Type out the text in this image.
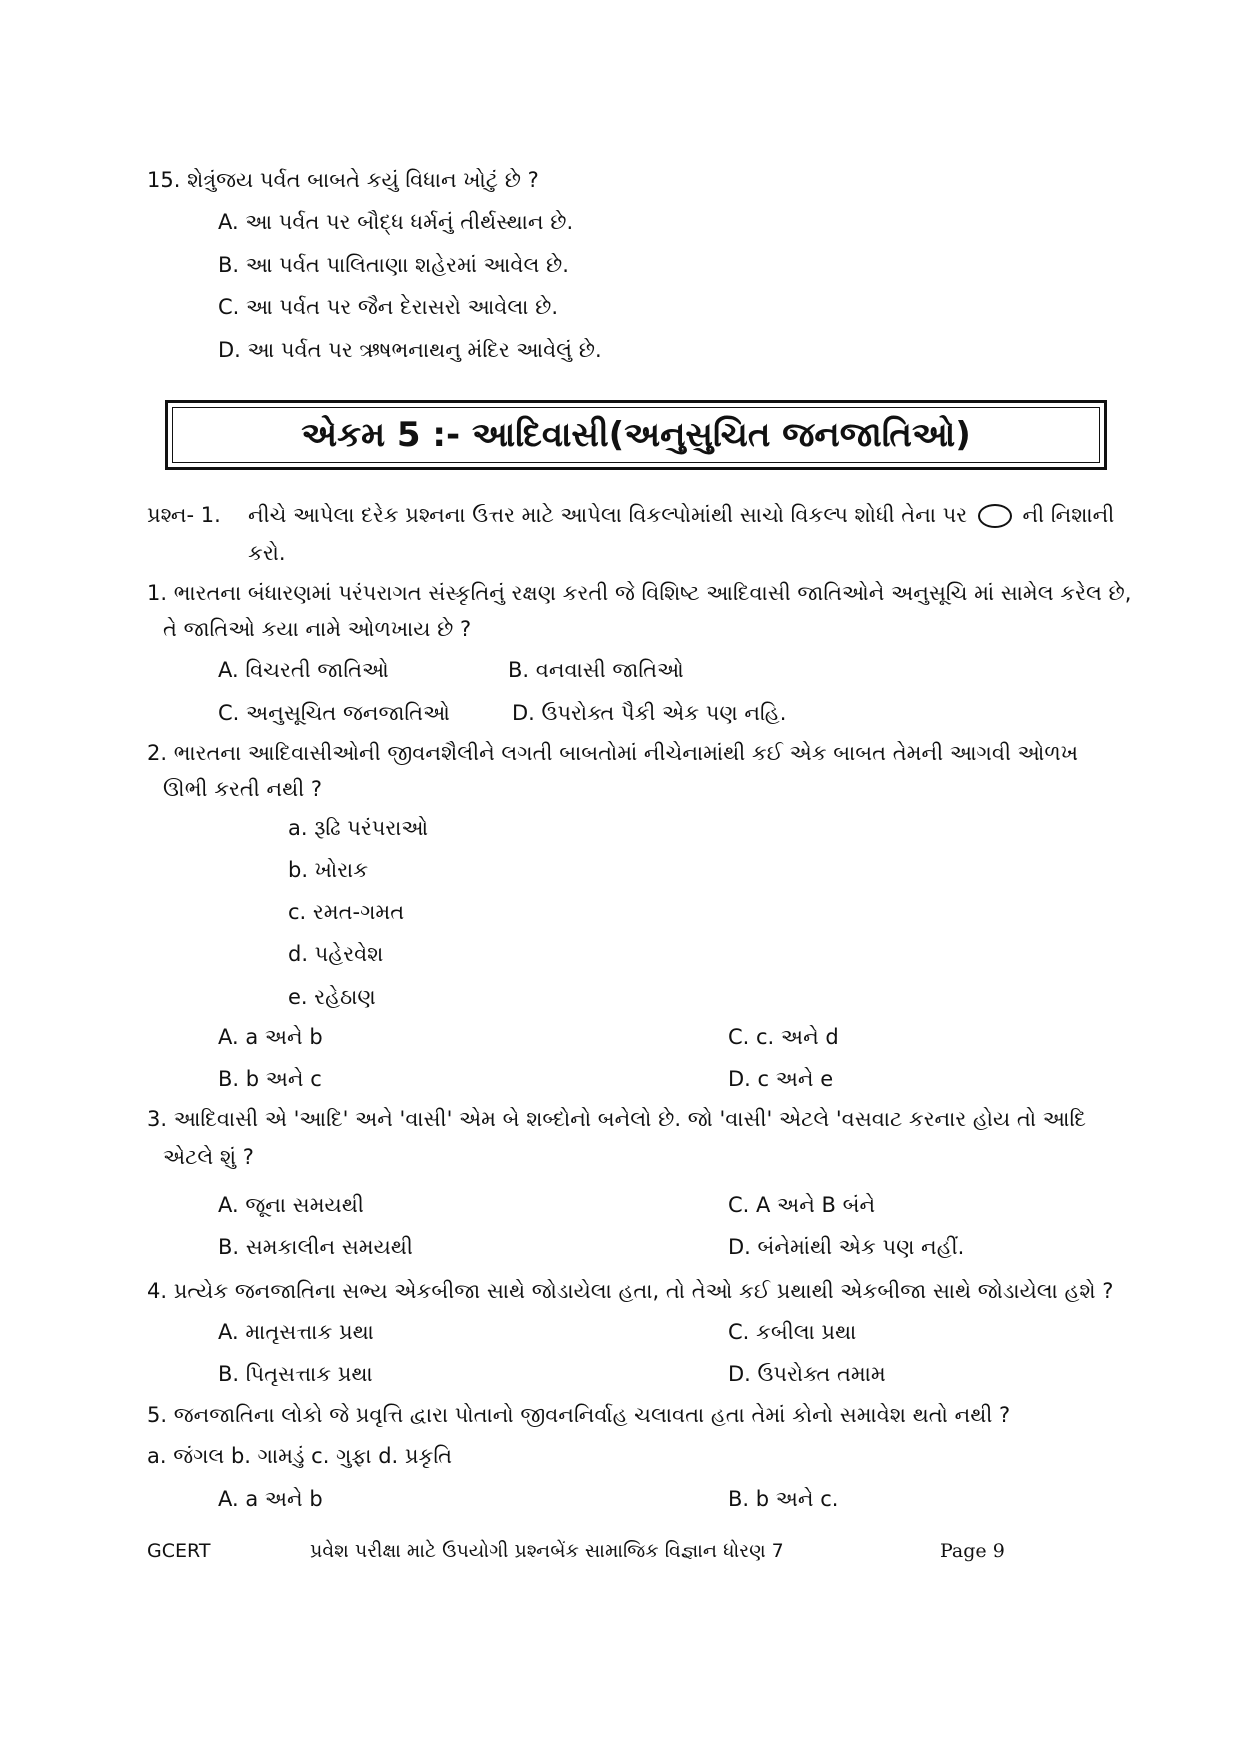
15. શેત્રુંજય પર્વત બાબતે કયું વિધાન ખોટું છે ?
A. આ પર્વત પર બૌદ્ધ ધર્મનું તીર્થસ્થાન છે.
B. આ પર્વત પાલિતાણા શહેરમાં આવેલ છે.
C. આ પર્વત પર જૈન દેરાસરો આવેલા છે.
D. આ પર્વત પર ઋષભનાથનુ મંદિર આવેલું છે.
એકમ 5 :- આદિવાસી(અનુસુચિત જનજાતિઓ)
પ્રશ્ન- 1. નીચે આપેલા દરેક પ્રશ્નના ઉત્તર માટે આપેલા વિકલ્પોમાંથી સાચો વિકલ્પ શોધી તેના પર ○ ની નિશાની
કરો.
1. ભારતના બંધારણમાં પરંપરાગત સંસ્કૃતિનું રક્ષણ કરતી જે વિશિષ્ટ આદિવાસી જાતિઓને અનુસૂચિ માં સામેલ કરેલ છે,
તે જાતિઓ કયા નામે ઓળખાય છે ?
A. વિચરતી જાતિઓ	B. વનવાસી જાતિઓ
C. અનુસૂચિત જનજાતિઓ	D. ઉપરોક્ત પૈકી એક પણ નહિ.
2. ભારતના આદિવાસીઓની જીવનશૈલીને લગતી બાબતોમાં નીચેનામાંથી કઈ એક બાબત તેમની આગવી ઓળખ
ઊભી કરતી નથી ?
a. રૂઢિ પરંપરાઓ
b. ખોરાક
c. રમત-ગમત
d. પહેરવેશ
e. રહેઠાણ
A. a અને b	C. c. અને d
B. b અને c	D. c અને e
3. આદિવાસી એ 'આદિ' અને 'વાસી' એમ બે શબ્દોનો બનેલો છે. જો 'વાસી' એટલે 'વસવાટ કરનાર હોય તો આદિ
એટલે શું ?
A. જૂના સમયથી	C. A અને B બંને
B. સમકાલીન સમયથી	D. બંનેમાંથી એક પણ નહીં.
4. પ્રત્યેક જનજાતિના સભ્ય એકબીજા સાથે જોડાયેલા હતા, તો તેઓ કઈ પ્રથાથી એકબીજા સાથે જોડાયેલા હશે ?
A. માતૃસત્તાક પ્રથા	C. કબીલા પ્રથા
B. પિતૃસત્તાક પ્રથા	D. ઉપરોક્ત તમામ
5. જનજાતિના લોકો જે પ્રવૃત્તિ દ્વારા પોતાનો જીવનનિર્વાહ ચલાવતા હતા તેમાં કોનો સમાવેશ થતો નથી ?
a. જંગલ b. ગામડું c. ગુફા d. પ્રકૃતિ
A. a અને b	B. b અને c.
GCERT	પ્રવેશ પરીક્ષા માટે ઉપયોગી પ્રશ્નબેંક સામાજિક વિજ્ઞાન ધોરણ 7	Page 9
